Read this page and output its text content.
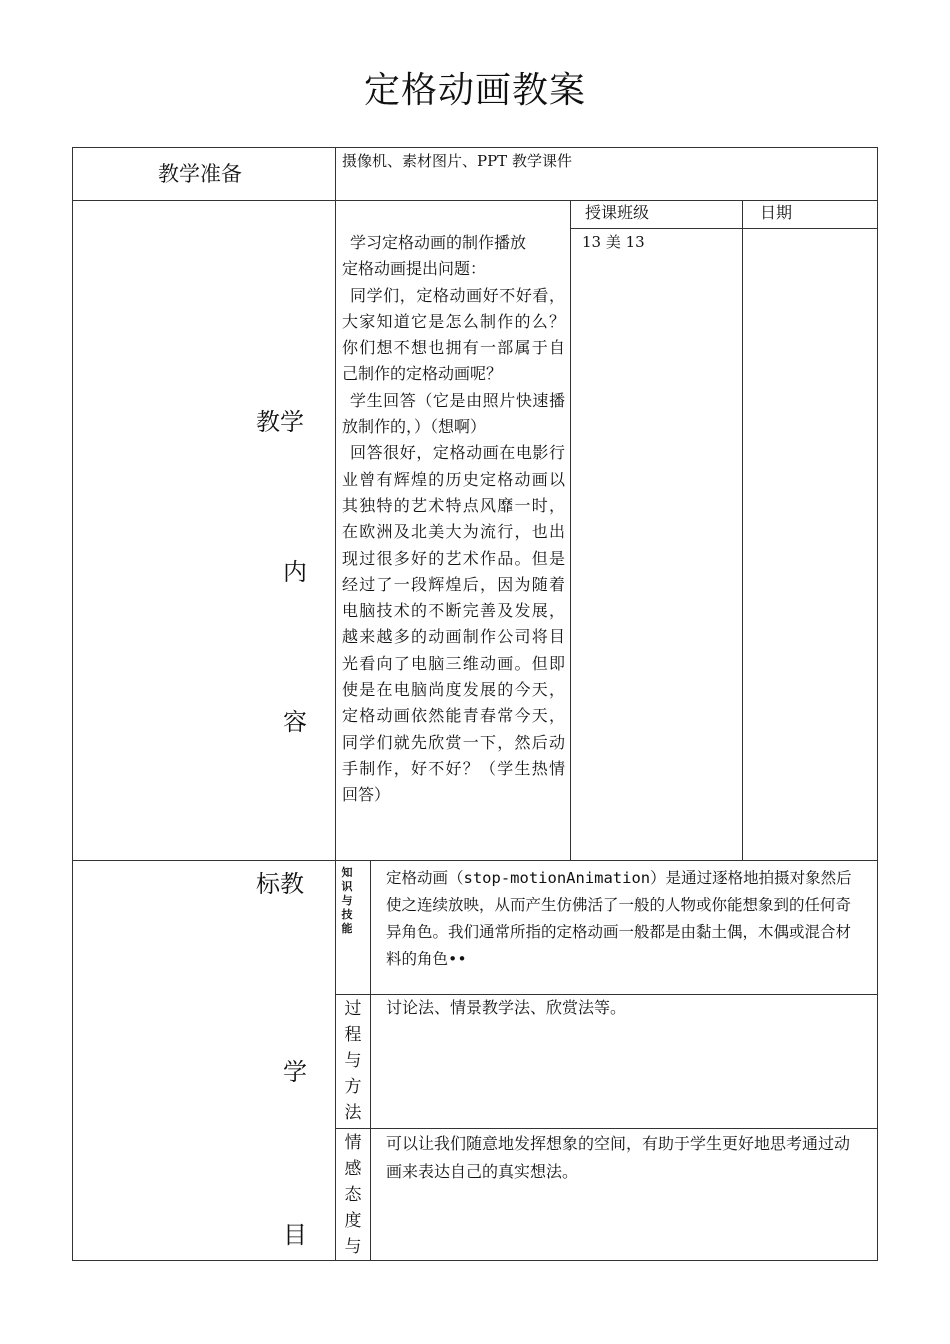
定格动画教案
教学准备
摄像机、素材图片、PPT 教学课件
教学
内
容

学习定格动画的制作播放

定格动画提出问题：

同学们，定格动画好不好看，大家知道它是怎么制作的么？你们想不想也拥有一部属于自己制作的定格动画呢？

学生回答（它是由照片快速播放制作的，）（想啊）

回答很好，定格动画在电影行业曾有辉煌的历史定格动画以其独特的艺术特点风靡一时，在欧洲及北美大为流行，也出现过很多好的艺术作品。但是经过了一段辉煌后，因为随着电脑技术的不断完善及发展，越来越多的动画制作公司将目光看向了电脑三维动画。但即使是在电脑尚度发展的今天，定格动画依然能青春常今天，同学们就先欣赏一下，然后动手制作，好不好？（学生热情回答）

授课班级	日期
13 美 13
标教
学
目
知
识
与
技
能
定格动画（stop-motionAnimation）是通过逐格地拍摄对象然后使之连续放映，从而产生仿佛活了一般的人物或你能想象到的任何奇异角色。我们通常所指的定格动画一般都是由黏土偶，木偶或混合材料的角色••
过
程
与
方
法
讨论法、情景教学法、欣赏法等。
情
感
态
度
与
可以让我们随意地发挥想象的空间，有助于学生更好地思考通过动画来表达自己的真实想法。
